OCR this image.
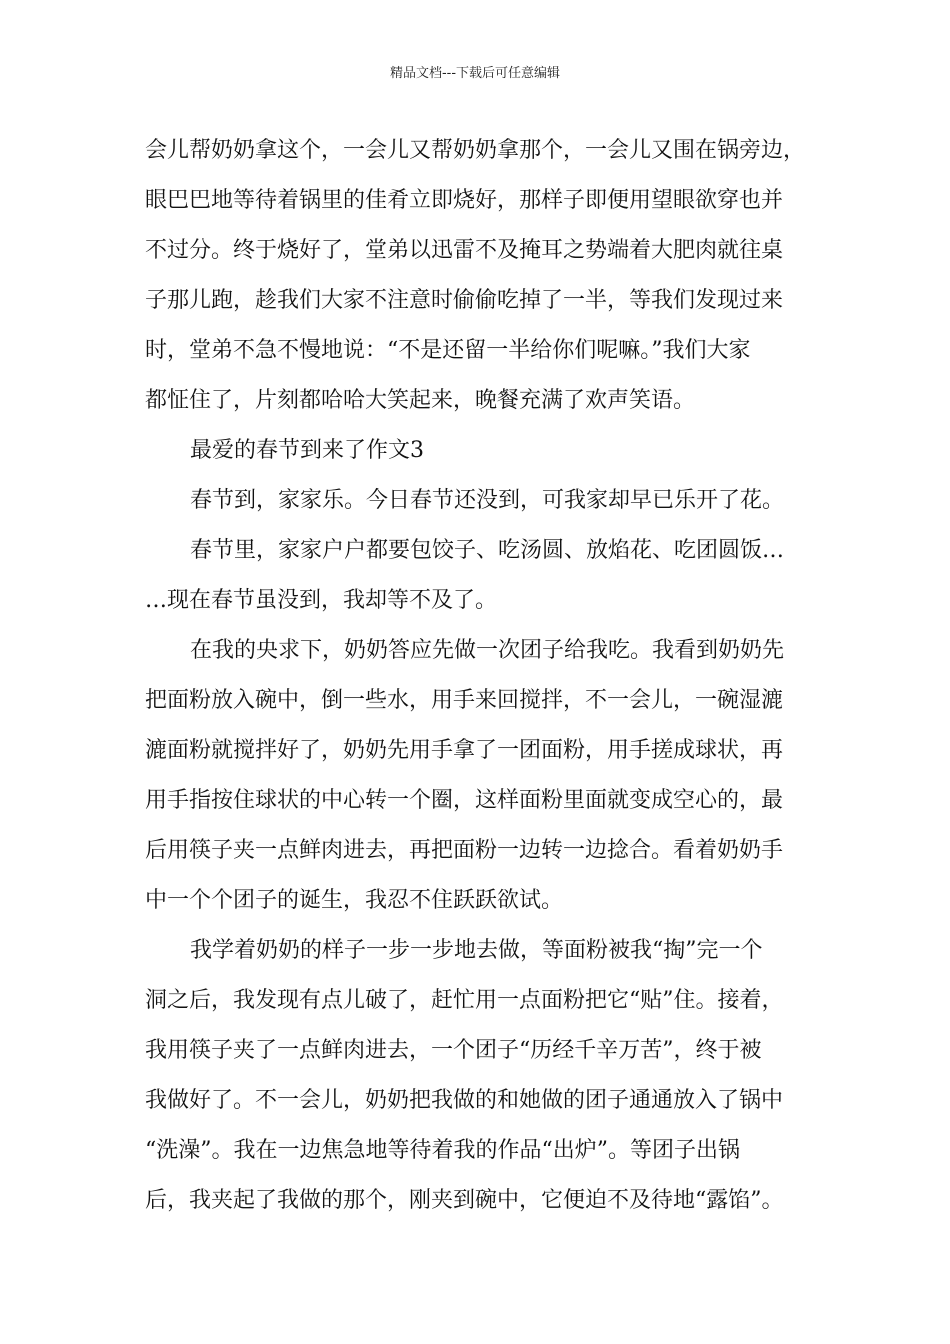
精品文档---下载后可任意编辑
会儿帮奶奶拿这个，一会儿又帮奶奶拿那个，一会儿又围在锅旁边，
眼巴巴地等待着锅里的佳肴立即烧好，那样子即便用望眼欲穿也并
不过分。终于烧好了，堂弟以迅雷不及掩耳之势端着大肥肉就往桌
子那儿跑，趁我们大家不注意时偷偷吃掉了一半，等我们发现过来
时，堂弟不急不慢地说：“不是还留一半给你们呢嘛。”我们大家
都怔住了，片刻都哈哈大笑起来，晚餐充满了欢声笑语。
最爱的春节到来了作文3
春节到，家家乐。今日春节还没到，可我家却早已乐开了花。
春节里，家家户户都要包饺子、吃汤圆、放焰花、吃团圆饭…
…现在春节虽没到，我却等不及了。
在我的央求下，奶奶答应先做一次团子给我吃。我看到奶奶先
把面粉放入碗中，倒一些水，用手来回搅拌，不一会儿，一碗湿漉
漉面粉就搅拌好了，奶奶先用手拿了一团面粉，用手搓成球状，再
用手指按住球状的中心转一个圈，这样面粉里面就变成空心的，最
后用筷子夹一点鲜肉进去，再把面粉一边转一边捻合。看着奶奶手
中一个个团子的诞生，我忍不住跃跃欲试。
我学着奶奶的样子一步一步地去做，等面粉被我“掏”完一个
洞之后，我发现有点儿破了，赶忙用一点面粉把它“贴”住。接着，
我用筷子夹了一点鲜肉进去，一个团子“历经千辛万苦”，终于被
我做好了。不一会儿，奶奶把我做的和她做的团子通通放入了锅中
“洗澡”。我在一边焦急地等待着我的作品“出炉”。等团子出锅
后，我夹起了我做的那个，刚夹到碗中，它便迫不及待地“露馅”。
